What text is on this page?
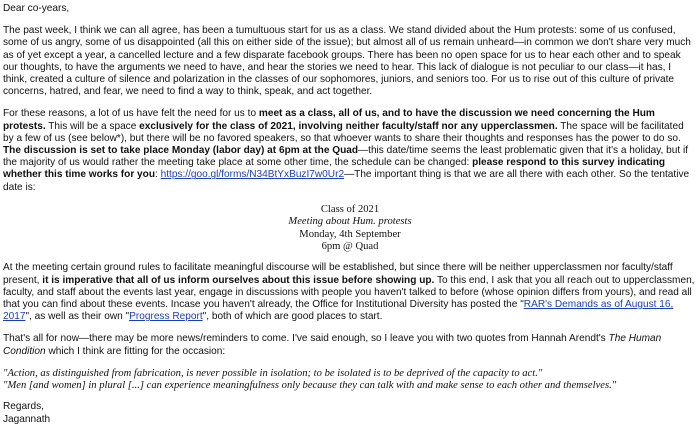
Dear co-years,

The past week, I think we can all agree, has been a tumultuous start for us as a class. We stand divided about the Hum protests: some of us confused, some of us angry, some of us disappointed (all this on either side of the issue); but almost all of us remain unheard—in common we don't share very much as of yet except a year, a cancelled lecture and a few disparate facebook groups. There has been no open space for us to hear each other and to speak our thoughts, to have the arguments we need to have, and hear the stories we need to hear. This lack of dialogue is not peculiar to our class—it has, I think, created a culture of silence and polarization in the classes of our sophomores, juniors, and seniors too. For us to rise out of this culture of private concerns, hatred, and fear, we need to find a way to think, speak, and act together.

For these reasons, a lot of us have felt the need for us to meet as a class, all of us, and to have the discussion we need concerning the Hum protests. This will be a space exclusively for the class of 2021, involving neither faculty/staff nor any upperclassmen. The space will be facilitated by a few of us (see below*), but there will be no favored speakers, so that whoever wants to share their thoughts and responses has the power to do so. The discussion is set to take place Monday (labor day) at 6pm at the Quad—this date/time seems the least problematic given that it's a holiday, but if the majority of us would rather the meeting take place at some other time, the schedule can be changed: please respond to this survey indicating whether this time works for you: https://goo.gl/forms/N34BtYxBuzI7w0Ur2—The important thing is that we are all there with each other. So the tentative date is:

Class of 2021
Meeting about Hum. protests
Monday, 4th September
6pm @ Quad

At the meeting certain ground rules to facilitate meaningful discourse will be established, but since there will be neither upperclassmen nor faculty/staff present, it is imperative that all of us inform ourselves about this issue before showing up. To this end, I ask that you all reach out to upperclassmen, faculty, and staff about the events last year, engage in discussions with people you haven't talked to before (whose opinion differs from yours), and read all that you can find about these events. Incase you haven't already, the Office for Institutional Diversity has posted the "RAR's Demands as of August 16, 2017", as well as their own "Progress Report", both of which are good places to start.

That's all for now—there may be more news/reminders to come. I've said enough, so I leave you with two quotes from Hannah Arendt's The Human Condition which I think are fitting for the occasion:

"Action, as distinguished from fabrication, is never possible in isolation; to be isolated is to be deprived of the capacity to act."
"Men [and women] in plural [...] can experience meaningfulness only because they can talk with and make sense to each other and themselves."

Regards,

Jagannath
